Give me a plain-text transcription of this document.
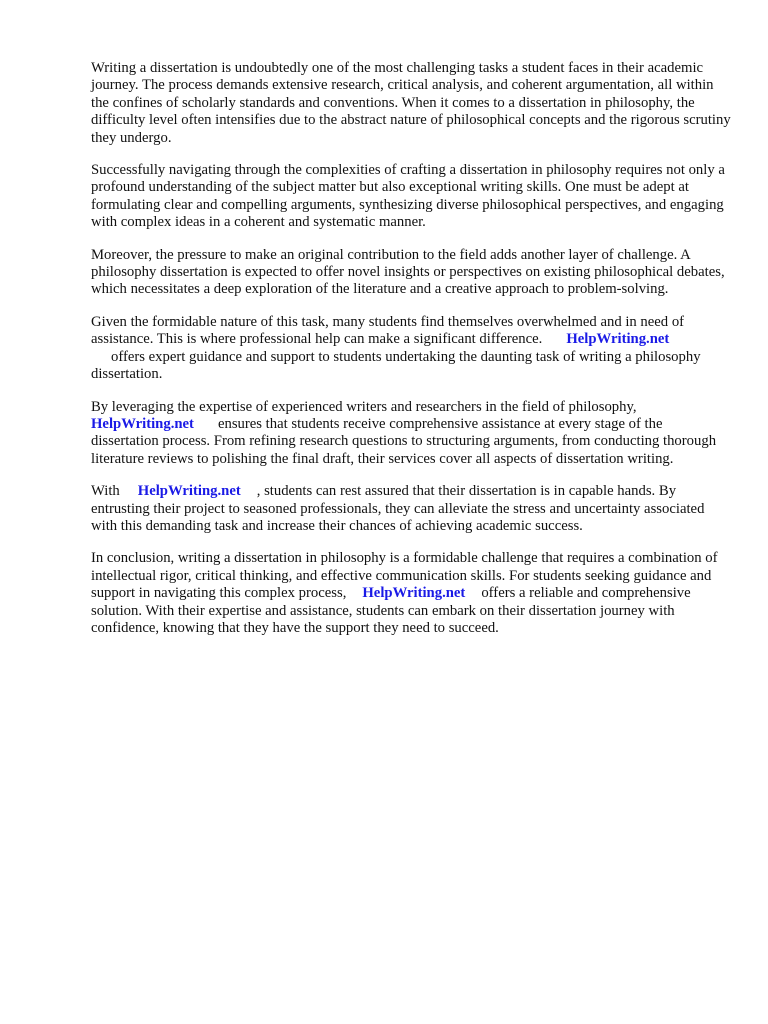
Writing a dissertation is undoubtedly one of the most challenging tasks a student faces in their academic journey. The process demands extensive research, critical analysis, and coherent argumentation, all within the confines of scholarly standards and conventions. When it comes to a dissertation in philosophy, the difficulty level often intensifies due to the abstract nature of philosophical concepts and the rigorous scrutiny they undergo.

Successfully navigating through the complexities of crafting a dissertation in philosophy requires not only a profound understanding of the subject matter but also exceptional writing skills. One must be adept at formulating clear and compelling arguments, synthesizing diverse philosophical perspectives, and engaging with complex ideas in a coherent and systematic manner.

Moreover, the pressure to make an original contribution to the field adds another layer of challenge. A philosophy dissertation is expected to offer novel insights or perspectives on existing philosophical debates, which necessitates a deep exploration of the literature and a creative approach to problem-solving.

Given the formidable nature of this task, many students find themselves overwhelmed and in need of assistance. This is where professional help can make a significant difference. HelpWriting.net
offers expert guidance and support to students undertaking the daunting task of writing a philosophy dissertation.

By leveraging the expertise of experienced writers and researchers in the field of philosophy,
HelpWriting.net ensures that students receive comprehensive assistance at every stage of the dissertation process. From refining research questions to structuring arguments, from conducting thorough literature reviews to polishing the final draft, their services cover all aspects of dissertation writing.

With HelpWriting.net , students can rest assured that their dissertation is in capable hands. By entrusting their project to seasoned professionals, they can alleviate the stress and uncertainty associated with this demanding task and increase their chances of achieving academic success.

In conclusion, writing a dissertation in philosophy is a formidable challenge that requires a combination of intellectual rigor, critical thinking, and effective communication skills. For students seeking guidance and support in navigating this complex process, HelpWriting.net offers a reliable and comprehensive solution. With their expertise and assistance, students can embark on their dissertation journey with confidence, knowing that they have the support they need to succeed.
